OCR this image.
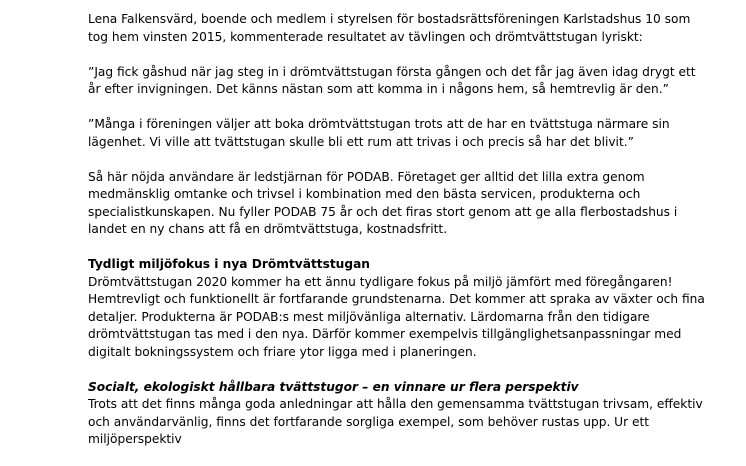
Lena Falkensvärd, boende och medlem i styrelsen för bostadsrättsföreningen Karlstadshus 10 som tog hem vinsten 2015, kommenterade resultatet av tävlingen och drömtvättstugan lyriskt:

”Jag fick gåshud när jag steg in i drömtvättstugan första gången och det får jag även idag drygt ett år efter invigningen. Det känns nästan som att komma in i någons hem, så hemtrevlig är den.”

”Många i föreningen väljer att boka drömtvättstugan trots att de har en tvättstuga närmare sin lägenhet. Vi ville att tvättstugan skulle bli ett rum att trivas i och precis så har det blivit.”

Så här nöjda användare är ledstjärnan för PODAB. Företaget ger alltid det lilla extra genom medmänsklig omtanke och trivsel i kombination med den bästa servicen, produkterna och specialistkunskapen. Nu fyller PODAB 75 år och det firas stort genom att ge alla flerbostadshus i landet en ny chans att få en drömtvättstuga, kostnadsfritt.

Tydligt miljöfokus i nya Drömtvättstugan

Drömtvättstugan 2020 kommer ha ett ännu tydligare fokus på miljö jämfört med föregångaren! Hemtrevligt och funktionellt är fortfarande grundstenarna. Det kommer att spraka av växter och fina detaljer. Produkterna är PODAB:s mest miljövänliga alternativ. Lärdomarna från den tidigare drömtvättstugan tas med i den nya. Därför kommer exempelvis tillgänglighetsanpassningar med digitalt bokningssystem och friare ytor ligga med i planeringen.

Socialt, ekologiskt hållbara tvättstugor – en vinnare ur flera perspektiv

Trots att det finns många goda anledningar att hålla den gemensamma tvättstugan trivsam, effektiv och användarvänlig, finns det fortfarande sorgliga exempel, som behöver rustas upp. Ur ett miljöperspektiv
